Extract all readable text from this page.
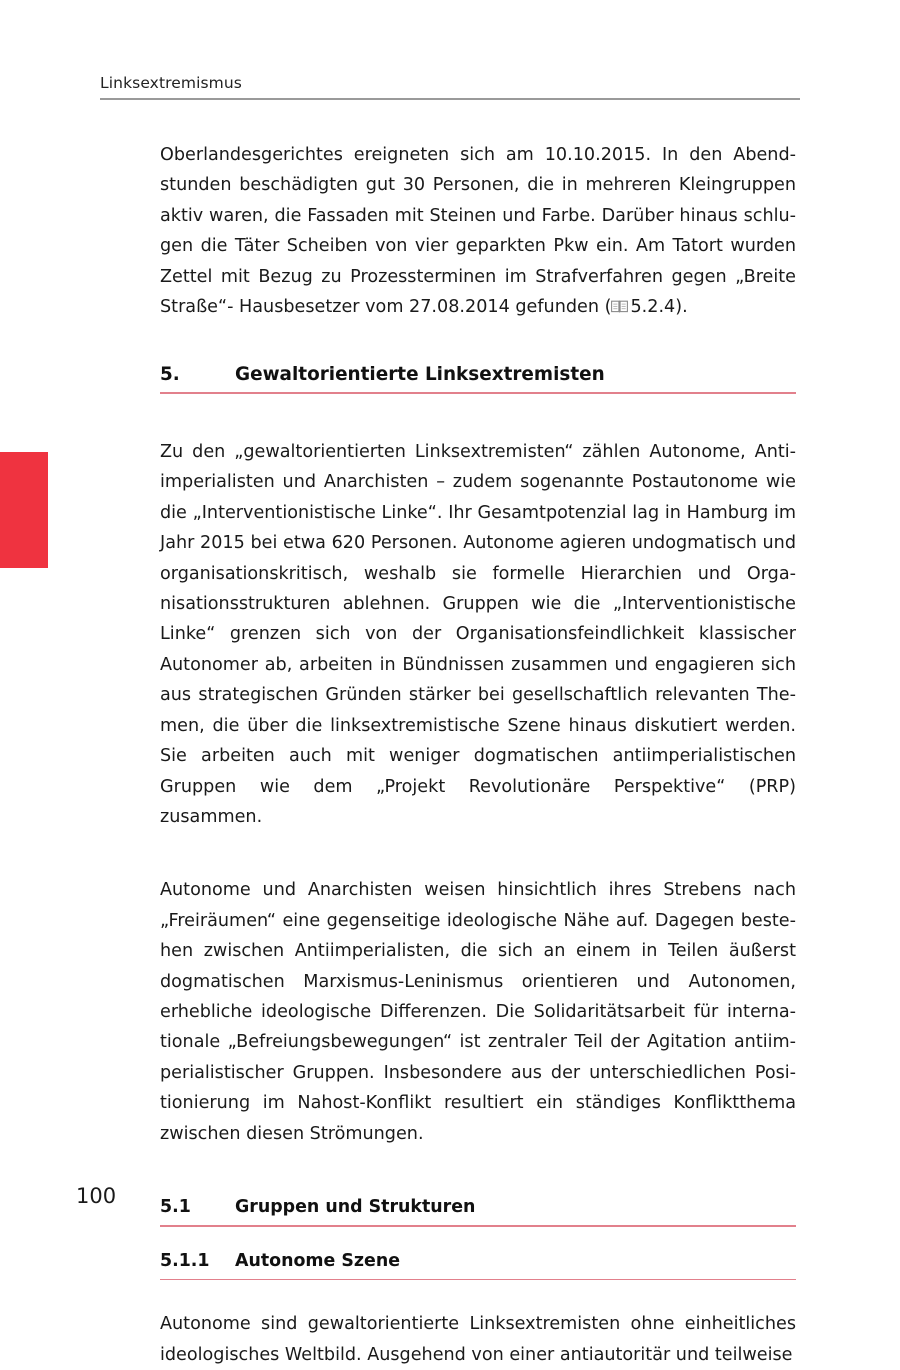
Linksextremismus

Oberlandesgerichtes ereigneten sich am 10.10.2015. In den Abendstunden beschädigten gut 30 Personen, die in mehreren Kleingruppen aktiv waren, die Fassaden mit Steinen und Farbe. Darüber hinaus schlugen die Täter Scheiben von vier geparkten Pkw ein. Am Tatort wurden Zettel mit Bezug zu Prozessterminen im Strafverfahren gegen „Breite Straße“- Hausbesetzer vom 27.08.2014 gefunden ( 5.2.4).

5.	Gewaltorientierte Linksextremisten

Zu den „gewaltorientierten Linksextremisten“ zählen Autonome, Antiimperialisten und Anarchisten – zudem sogenannte Postautonome wie die „Interventionistische Linke“. Ihr Gesamtpotenzial lag in Hamburg im Jahr 2015 bei etwa 620 Personen. Autonome agieren undogmatisch und organisationskritisch, weshalb sie formelle Hierarchien und Organisationsstrukturen ablehnen. Gruppen wie die „Interventionistische Linke“ grenzen sich von der Organisationsfeindlichkeit klassischer Autonomer ab, arbeiten in Bündnissen zusammen und engagieren sich aus strategischen Gründen stärker bei gesellschaftlich relevanten Themen, die über die linksextremistische Szene hinaus diskutiert werden. Sie arbeiten auch mit weniger dogmatischen antiimperialistischen Gruppen wie dem „Projekt Revolutionäre Perspektive“ (PRP) zusammen.

Autonome und Anarchisten weisen hinsichtlich ihres Strebens nach „Freiräumen“ eine gegenseitige ideologische Nähe auf. Dagegen bestehen zwischen Antiimperialisten, die sich an einem in Teilen äußerst dogmatischen Marxismus-Leninismus orientieren und Autonomen, erhebliche ideologische Differenzen. Die Solidaritätsarbeit für internationale „Befreiungsbewegungen“ ist zentraler Teil der Agitation antiimperialistischer Gruppen. Insbesondere aus der unterschiedlichen Positionierung im Nahost-Konflikt resultiert ein ständiges Konfliktthema zwischen diesen Strömungen.

5.1	Gruppen und Strukturen
5.1.1	Autonome Szene

Autonome sind gewaltorientierte Linksextremisten ohne einheitliches ideologisches Weltbild. Ausgehend von einer antiautoritär und teilweise

100
